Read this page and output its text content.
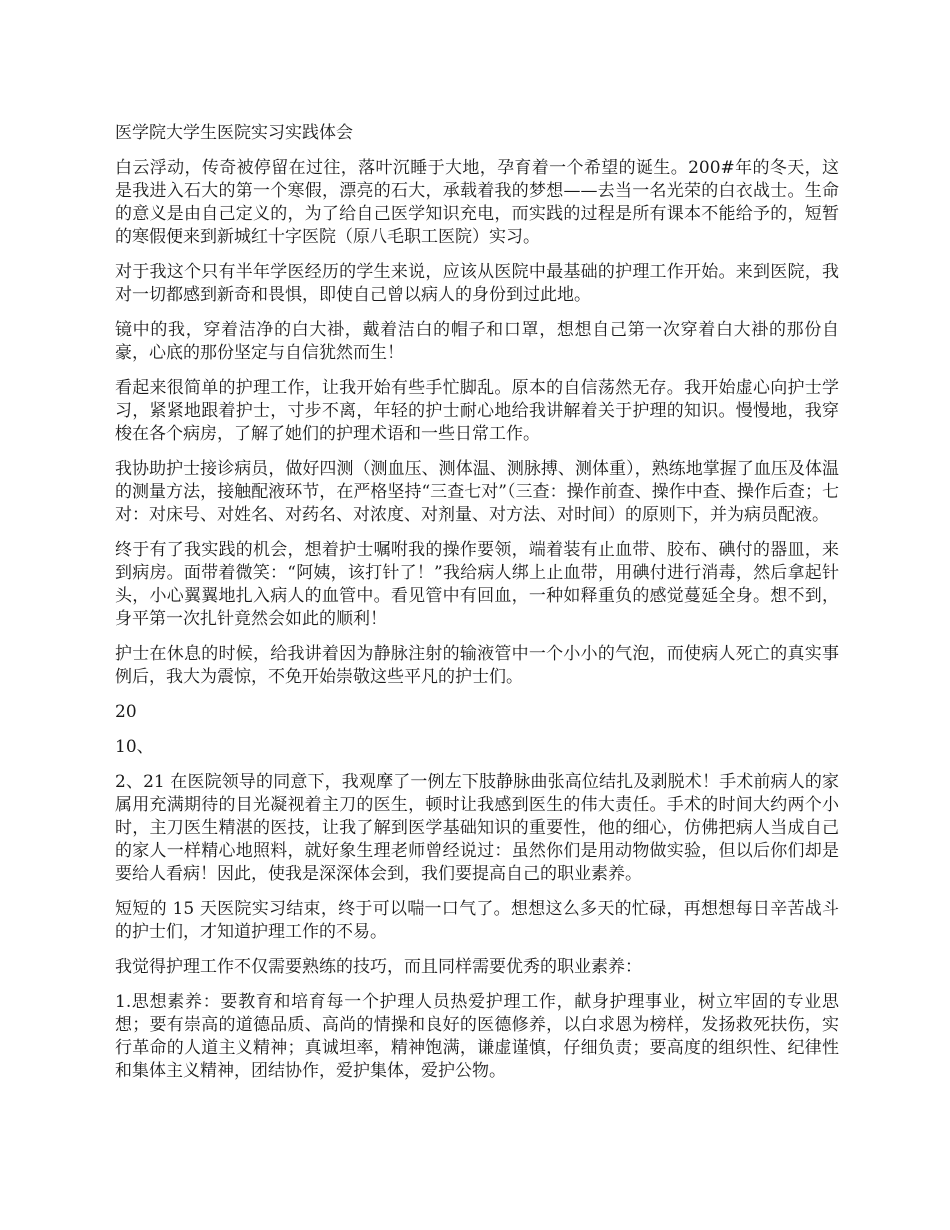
医学院大学生医院实习实践体会

白云浮动，传奇被停留在过往，落叶沉睡于大地，孕育着一个希望的诞生。200#年的冬天，这是我进入石大的第一个寒假，漂亮的石大，承载着我的梦想——去当一名光荣的白衣战士。生命的意义是由自己定义的，为了给自己医学知识充电，而实践的过程是所有课本不能给予的，短暂的寒假便来到新城红十字医院（原八毛职工医院）实习。

对于我这个只有半年学医经历的学生来说，应该从医院中最基础的护理工作开始。来到医院，我对一切都感到新奇和畏惧，即使自己曾以病人的身份到过此地。

镜中的我，穿着洁净的白大褂，戴着洁白的帽子和口罩，想想自己第一次穿着白大褂的那份自豪，心底的那份坚定与自信犹然而生！

看起来很简单的护理工作，让我开始有些手忙脚乱。原本的自信荡然无存。我开始虚心向护士学习，紧紧地跟着护士，寸步不离，年轻的护士耐心地给我讲解着关于护理的知识。慢慢地，我穿梭在各个病房，了解了她们的护理术语和一些日常工作。

我协助护士接诊病员，做好四测（测血压、测体温、测脉搏、测体重），熟练地掌握了血压及体温的测量方法，接触配液环节，在严格坚持“三查七对”（三查：操作前查、操作中查、操作后查；七对：对床号、对姓名、对药名、对浓度、对剂量、对方法、对时间）的原则下，并为病员配液。

终于有了我实践的机会，想着护士嘱咐我的操作要领，端着装有止血带、胶布、碘付的器皿，来到病房。面带着微笑：“阿姨，该打针了！”我给病人绑上止血带，用碘付进行消毒，然后拿起针头，小心翼翼地扎入病人的血管中。看见管中有回血，一种如释重负的感觉蔓延全身。想不到，身平第一次扎针竟然会如此的顺利！

护士在休息的时候，给我讲着因为静脉注射的输液管中一个小小的气泡，而使病人死亡的真实事例后，我大为震惊，不免开始崇敬这些平凡的护士们。

20

10、

2、21 在医院领导的同意下，我观摩了一例左下肢静脉曲张高位结扎及剥脱术！手术前病人的家属用充满期待的目光凝视着主刀的医生，顿时让我感到医生的伟大责任。手术的时间大约两个小时，主刀医生精湛的医技，让我了解到医学基础知识的重要性，他的细心，仿佛把病人当成自己的家人一样精心地照料，就好象生理老师曾经说过：虽然你们是用动物做实验，但以后你们却是要给人看病！因此，使我是深深体会到，我们要提高自己的职业素养。

短短的 15 天医院实习结束，终于可以喘一口气了。想想这么多天的忙碌，再想想每日辛苦战斗的护士们，才知道护理工作的不易。

我觉得护理工作不仅需要熟练的技巧，而且同样需要优秀的职业素养：

1.思想素养：要教育和培育每一个护理人员热爱护理工作，献身护理事业，树立牢固的专业思想；要有崇高的道德品质、高尚的情操和良好的医德修养，以白求恩为榜样，发扬救死扶伤，实行革命的人道主义精神；真诚坦率，精神饱满，谦虚谨慎，仔细负责；要高度的组织性、纪律性和集体主义精神，团结协作，爱护集体，爱护公物。
